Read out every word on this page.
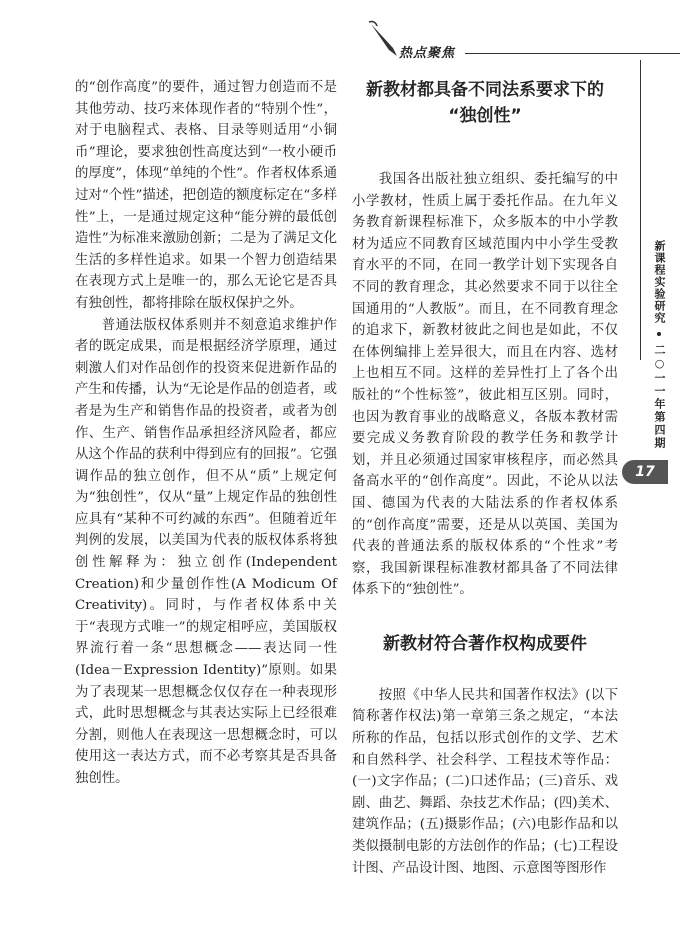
热点聚焦

的“创作高度”的要件，通过智力创造而不是其他劳动、技巧来体现作者的“特别个性”，对于电脑程式、表格、目录等则适用“小铜币”理论，要求独创性高度达到“一枚小硬币的厚度”，体现“单纯的个性”。作者权体系通过对“个性”描述，把创造的额度标定在“多样性”上，一是通过规定这种“能分辨的最低创造性”为标准来激励创新；二是为了满足文化生活的多样性追求。如果一个智力创造结果在表现方式上是唯一的，那么无论它是否具有独创性，都将排除在版权保护之外。

普通法版权体系则并不刻意追求维护作者的既定成果，而是根据经济学原理，通过刺激人们对作品创作的投资来促进新作品的产生和传播，认为“无论是作品的创造者，或者是为生产和销售作品的投资者，或者为创作、生产、销售作品承担经济风险者，都应从这个作品的获利中得到应有的回报”。它强调作品的独立创作，但不从“质”上规定何为“独创性”，仅从“量”上规定作品的独创性应具有“某种不可约减的东西”。但随着近年判例的发展，以美国为代表的版权体系将独创性解释为：独立创作(Independent Creation)和少量创作性(A Modicum Of Creativity)。同时，与作者权体系中关于“表现方式唯一”的规定相呼应，美国版权界流行着一条“思想概念——表达同一性(Idea－Expression Identity)”原则。如果为了表现某一思想概念仅仅存在一种表现形式，此时思想概念与其表达实际上已经很难分割，则他人在表现这一思想概念时，可以使用这一表达方式，而不必考察其是否具备独创性。

新教材都具备不同法系要求下的
“独创性”

我国各出版社独立组织、委托编写的中小学教材，性质上属于委托作品。在九年义务教育新课程标准下，众多版本的中小学教材为适应不同教育区域范围内中小学生受教育水平的不同，在同一教学计划下实现各自不同的教育理念，其必然要求不同于以往全国通用的“人教版”。而且，在不同教育理念的追求下，新教材彼此之间也是如此，不仅在体例编排上差异很大，而且在内容、选材上也相互不同。这样的差异性打上了各个出版社的“个性标签”，彼此相互区别。同时，也因为教育事业的战略意义，各版本教材需要完成义务教育阶段的教学任务和教学计划，并且必须通过国家审核程序，而必然具备高水平的“创作高度”。因此，不论从以法国、德国为代表的大陆法系的作者权体系的“创作高度”需要，还是从以英国、美国为代表的普通法系的版权体系的“个性求”考察，我国新课程标准教材都具备了不同法律体系下的“独创性”。

新教材符合著作权构成要件

按照《中华人民共和国著作权法》(以下简称著作权法)第一章第三条之规定，“本法所称的作品，包括以形式创作的文学、艺术和自然科学、社会科学、工程技术等作品：(一)文字作品；(二)口述作品；(三)音乐、戏剧、曲艺、舞蹈、杂技艺术作品；(四)美术、建筑作品；(五)摄影作品；(六)电影作品和以类似摄制电影的方法创作的作品；(七)工程设计图、产品设计图、地图、示意图等图形作

新课程实验研究
二○一一年第四期
17
